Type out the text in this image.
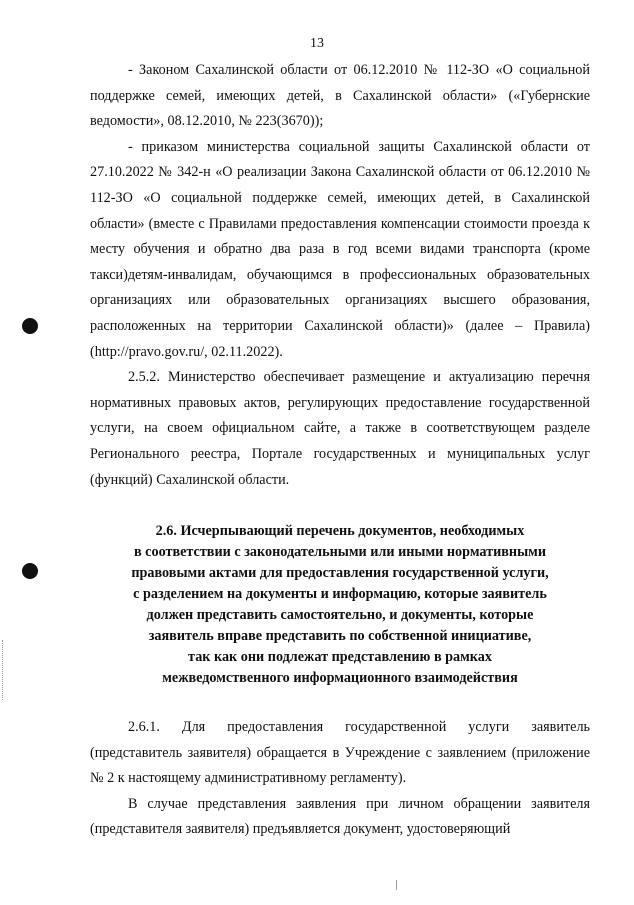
13

- Законом Сахалинской области от 06.12.2010 № 112-ЗО «О социальной поддержке семей, имеющих детей, в Сахалинской области» («Губернские ведомости», 08.12.2010, № 223(3670));

- приказом министерства социальной защиты Сахалинской области от 27.10.2022 № 342-н «О реализации Закона Сахалинской области от 06.12.2010 № 112-ЗО «О социальной поддержке семей, имеющих детей, в Сахалинской области» (вместе с Правилами предоставления компенсации стоимости проезда к месту обучения и обратно два раза в год всеми видами транспорта (кроме такси)детям-инвалидам, обучающимся в профессиональных образовательных организациях или образовательных организациях высшего образования, расположенных на территории Сахалинской области)» (далее – Правила) (http://pravo.gov.ru/, 02.11.2022).

2.5.2. Министерство обеспечивает размещение и актуализацию перечня нормативных правовых актов, регулирующих предоставление государственной услуги, на своем официальном сайте, а также в соответствующем разделе Регионального реестра, Портале государственных и муниципальных услуг (функций) Сахалинской области.

2.6. Исчерпывающий перечень документов, необходимых
в соответствии с законодательными или иными нормативными
правовыми актами для предоставления государственной услуги,
с разделением на документы и информацию, которые заявитель
должен представить самостоятельно, и документы, которые
заявитель вправе представить по собственной инициативе,
так как они подлежат представлению в рамках
межведомственного информационного взаимодействия

2.6.1. Для предоставления государственной услуги заявитель (представитель заявителя) обращается в Учреждение с заявлением (приложение № 2 к настоящему административному регламенту).

В случае представления заявления при личном обращении заявителя (представителя заявителя) предъявляется документ, удостоверяющий
